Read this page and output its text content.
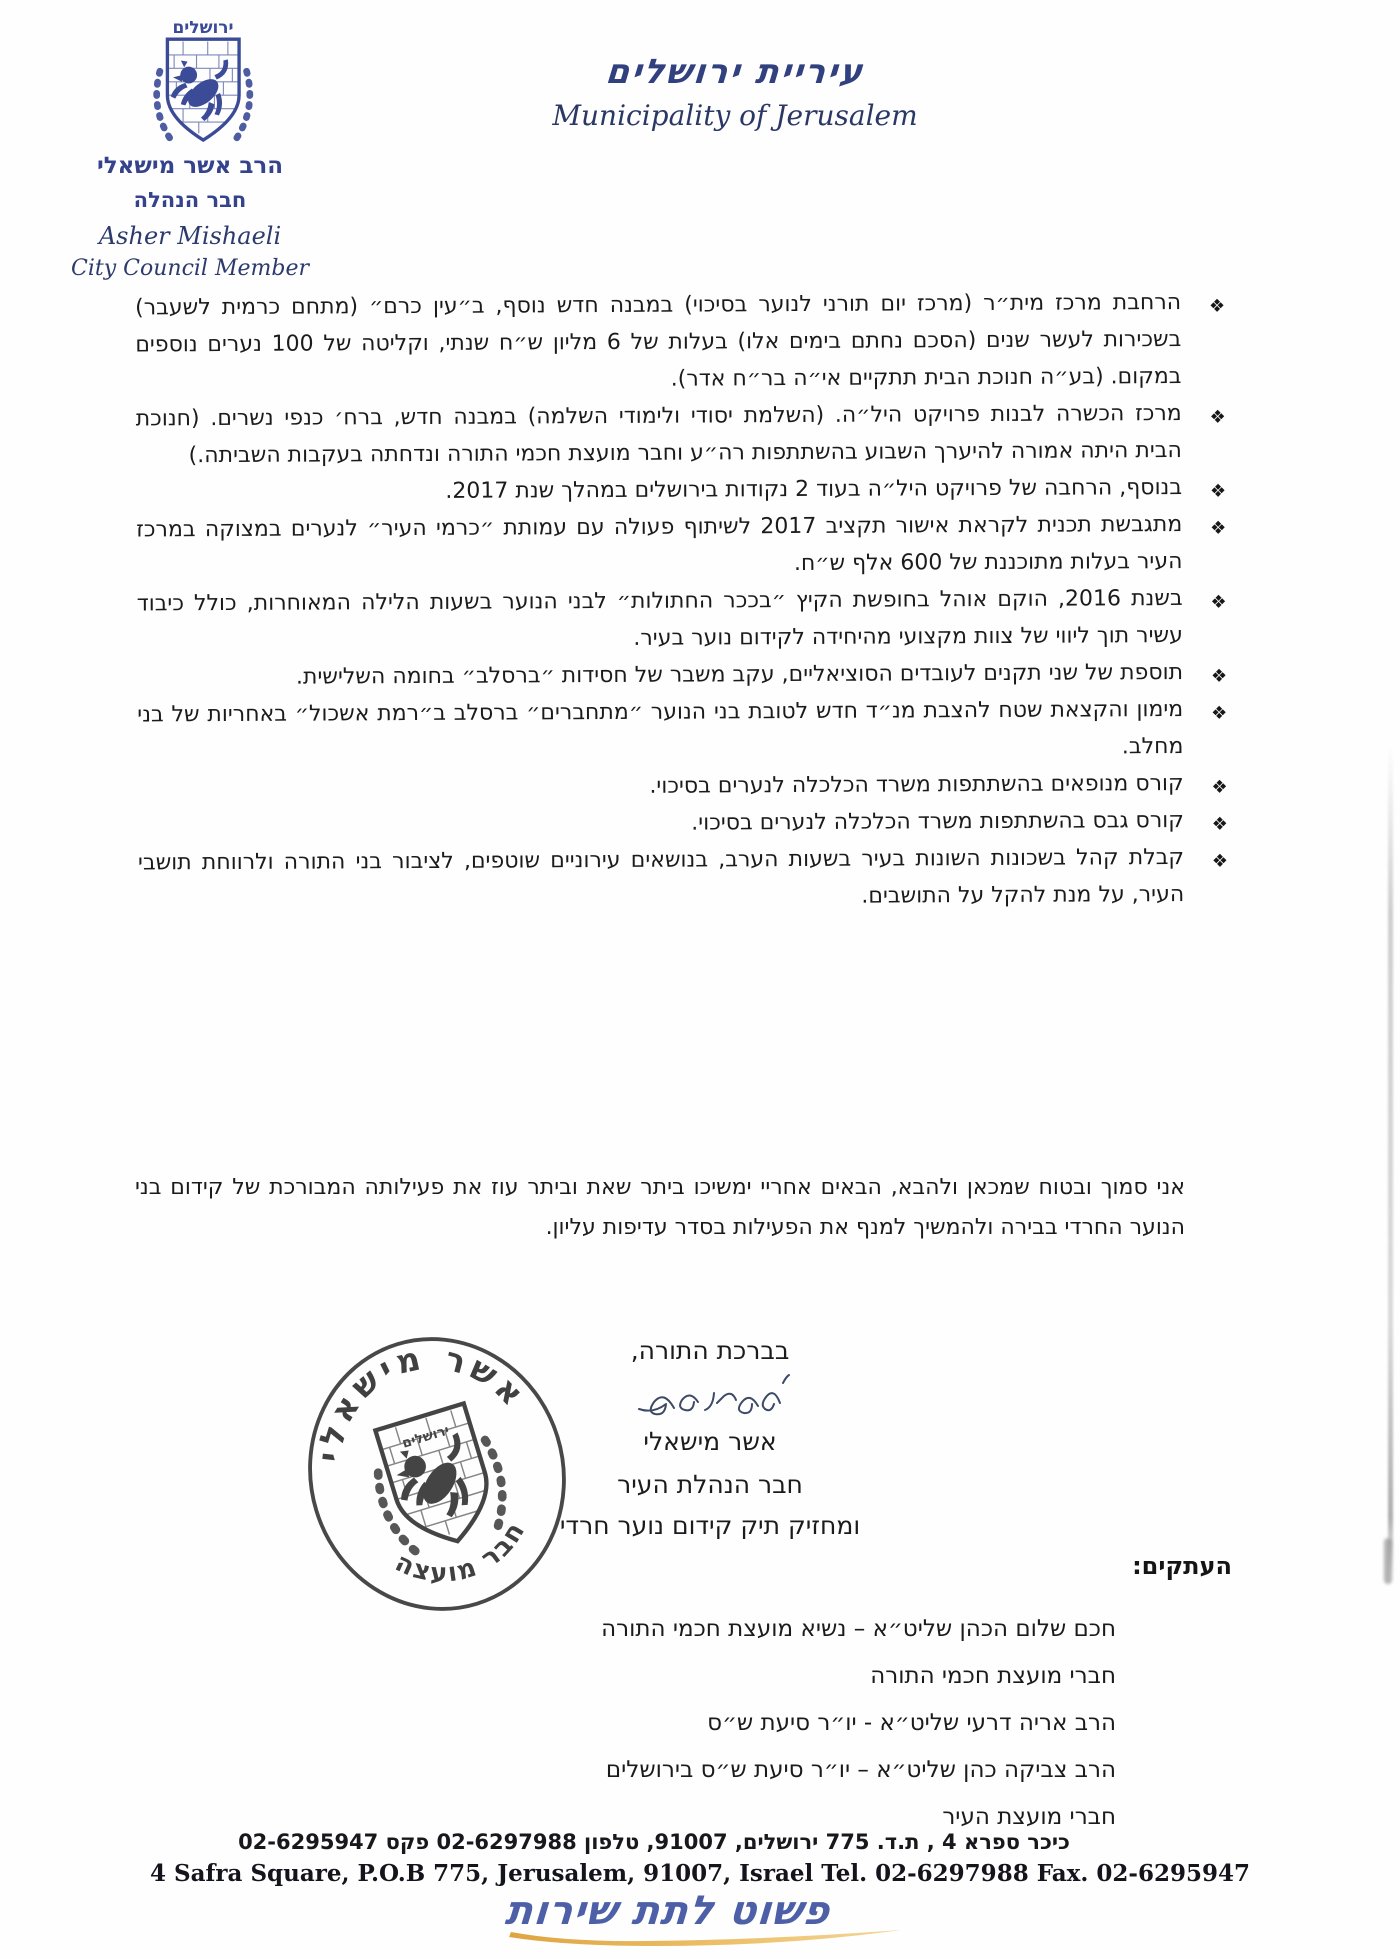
ירושלים
הרב אשר מישאלי
חבר הנהלה
Asher Mishaeli
City Council Member
עיריית ירושלים
Municipality of Jerusalem
❖
הרחבת מרכז מית״ר (מרכז יום תורני לנוער בסיכוי) במבנה חדש נוסף, ב״עין כרם״ (מתחם כרמית לשעבר) בשכירות לעשר שנים (הסכם נחתם בימים אלו) בעלות של 6 מליון ש״ח שנתי, וקליטה של 100 נערים נוספים במקום. (בע״ה חנוכת הבית תתקיים אי״ה בר״ח אדר).
❖
מרכז הכשרה לבנות פרויקט היל״ה. (השלמת יסודי ולימודי השלמה) במבנה חדש, ברח׳ כנפי נשרים. (חנוכת הבית היתה אמורה להיערך השבוע בהשתתפות רה״ע וחבר מועצת חכמי התורה ונדחתה בעקבות השביתה.)
❖
בנוסף, הרחבה של פרויקט היל״ה בעוד 2 נקודות בירושלים במהלך שנת 2017.
❖
מתגבשת תכנית לקראת אישור תקציב 2017 לשיתוף פעולה עם עמותת ״כרמי העיר״ לנערים במצוקה במרכז העיר בעלות מתוכננת של 600 אלף ש״ח.
❖
בשנת 2016, הוקם אוהל בחופשת הקיץ ״בככר החתולות״ לבני הנוער בשעות הלילה המאוחרות, כולל כיבוד עשיר תוך ליווי של צוות מקצועי מהיחידה לקידום נוער בעיר.
❖
תוספת של שני תקנים לעובדים הסוציאליים, עקב משבר של חסידות ״ברסלב״ בחומה השלישית.
❖
מימון והקצאת שטח להצבת מנ״ד חדש לטובת בני הנוער ״מתחברים״ ברסלב ב״רמת אשכול״ באחריות של בני מחלב.
❖
קורס מנופאים בהשתתפות משרד הכלכלה לנערים בסיכוי.
❖
קורס גבס בהשתתפות משרד הכלכלה לנערים בסיכוי.
❖
קבלת קהל בשכונות השונות בעיר בשעות הערב, בנושאים עירוניים שוטפים, לציבור בני התורה ולרווחת תושבי העיר, על מנת להקל על התושבים.
אני סמוך ובטוח שמכאן ולהבא, הבאים אחריי ימשיכו ביתר שאת וביתר עוז את פעילותה המבורכת של קידום בני הנוער החרדי בבירה ולהמשיך למנף את הפעילות בסדר עדיפות עליון.
בברכת התורה,
אשר מישאלי
חבר הנהלת העיר
ומחזיק תיק קידום נוער חרדי
אשר מישאלי
חבר מועצה
ירושלים
העתקים:
חכם שלום הכהן שליט״א – נשיא מועצת חכמי התורה
חברי מועצת חכמי התורה
הרב אריה דרעי שליט״א - יו״ר סיעת ש״ס
הרב צביקה כהן שליט״א – יו״ר סיעת ש״ס בירושלים
חברי מועצת העיר
כיכר ספרא 4 , ת.ד. 775 ירושלים, 91007, טלפון 02-6297988 פקס 02-6295947
4 Safra Square, P.O.B 775, Jerusalem, 91007, Israel Tel. 02-6297988 Fax. 02-6295947
פשוט לתת שירות
